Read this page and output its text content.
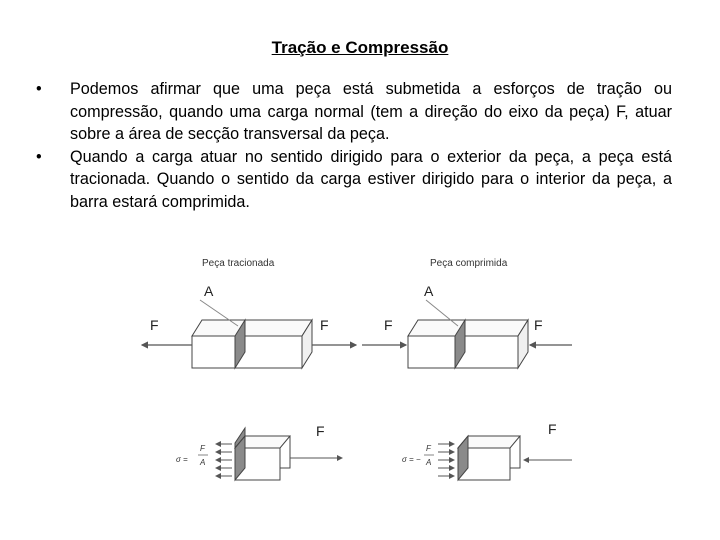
Tração e Compressão
• Podemos afirmar que uma peça está submetida a esforços de tração ou compressão, quando uma carga normal (tem a direção do eixo da peça) F, atuar sobre a área de secção transversal da peça.
• Quando a carga atuar no sentido dirigido para o exterior da peça, a peça está tracionada. Quando o sentido da carga estiver dirigido para o interior da peça, a barra estará comprimida.
Peça tracionada	Peça comprimida
A
F	F
A
F	F
F
σ =
F
A
F
σ = −
F
A
